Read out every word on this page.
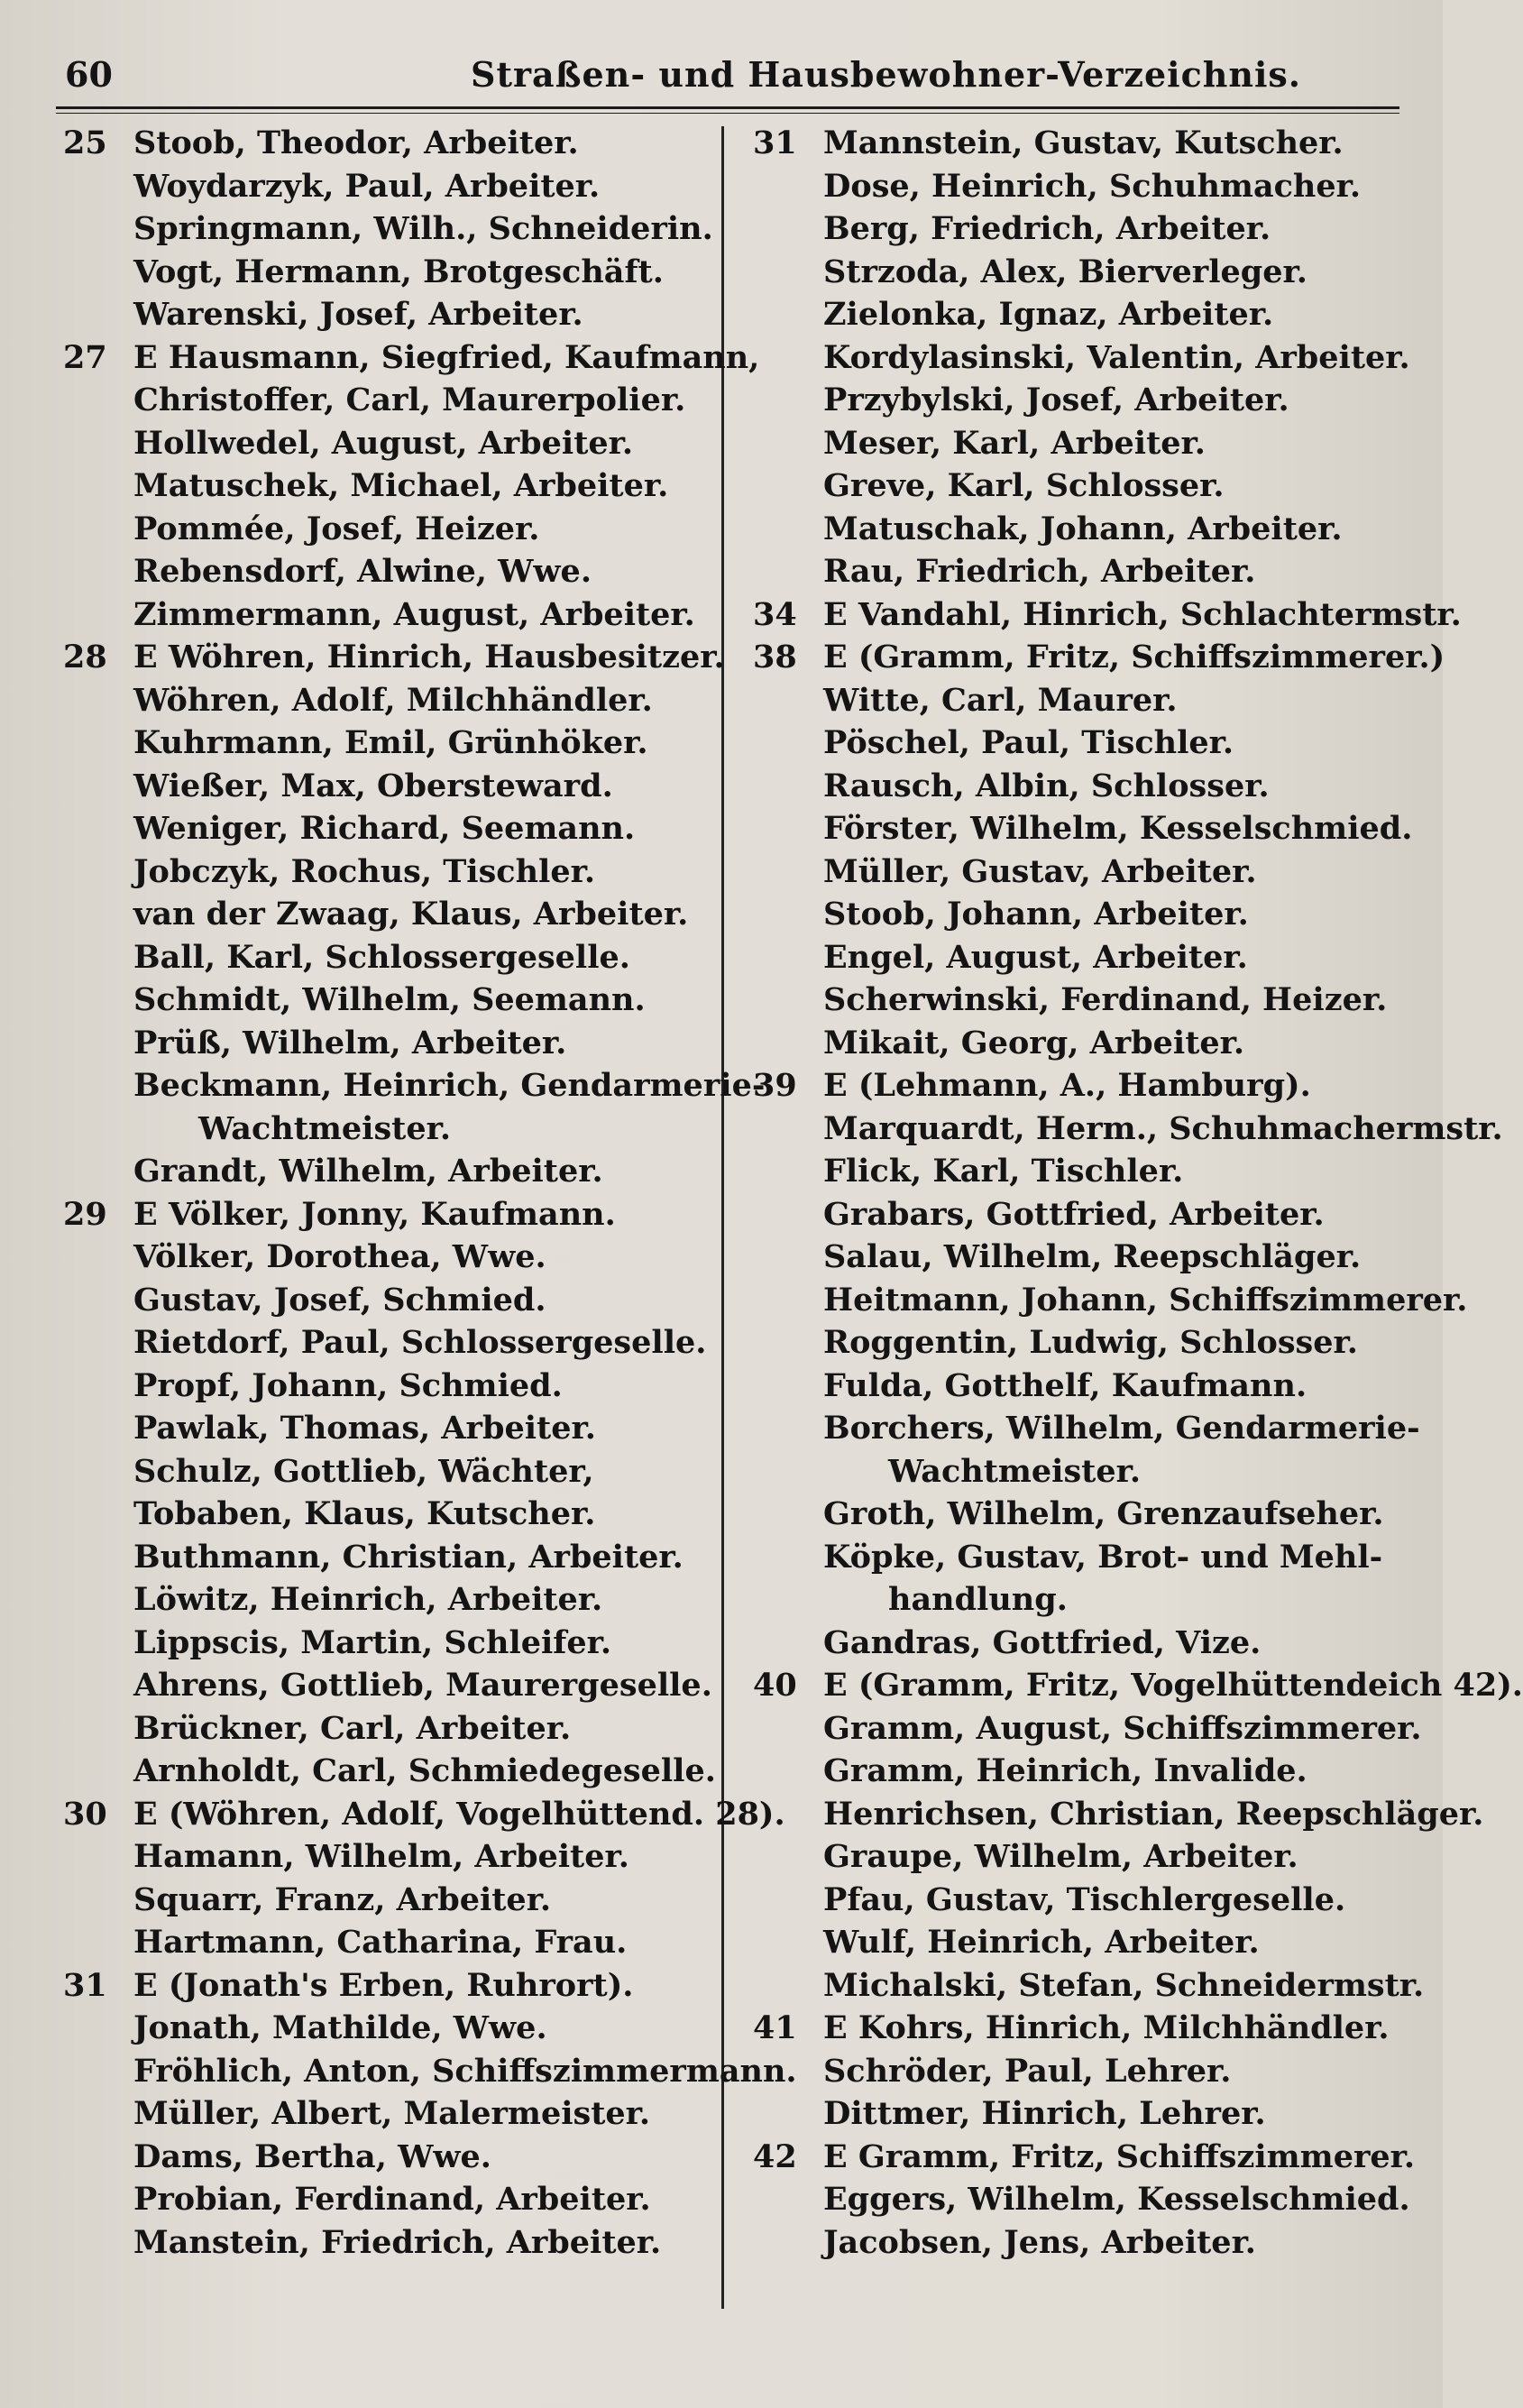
60	Straßen- und Hausbewohner-Verzeichnis.
25 Stoob, Theodor, Arbeiter.
Woydarzyk, Paul, Arbeiter.
Springmann, Wilh., Schneiderin.
Vogt, Hermann, Brotgeschäft.
Warenski, Josef, Arbeiter.
27 E Hausmann, Siegfried, Kaufmann,
Christoffer, Carl, Maurerpolier.
Hollwedel, August, Arbeiter.
Matuschek, Michael, Arbeiter.
Pommée, Josef, Heizer.
Rebensdorf, Alwine, Wwe.
Zimmermann, August, Arbeiter.
28 E Wöhren, Hinrich, Hausbesitzer.
Wöhren, Adolf, Milchhändler.
Kuhrmann, Emil, Grünhöker.
Wießer, Max, Obersteward.
Weniger, Richard, Seemann.
Jobczyk, Rochus, Tischler.
van der Zwaag, Klaus, Arbeiter.
Ball, Karl, Schlossergeselle.
Schmidt, Wilhelm, Seemann.
Prüß, Wilhelm, Arbeiter.
Beckmann, Heinrich, Gendarmerie-
Wachtmeister.
Grandt, Wilhelm, Arbeiter.
29 E Völker, Jonny, Kaufmann.
Völker, Dorothea, Wwe.
Gustav, Josef, Schmied.
Rietdorf, Paul, Schlossergeselle.
Propf, Johann, Schmied.
Pawlak, Thomas, Arbeiter.
Schulz, Gottlieb, Wächter,
Tobaben, Klaus, Kutscher.
Buthmann, Christian, Arbeiter.
Löwitz, Heinrich, Arbeiter.
Lippscis, Martin, Schleifer.
Ahrens, Gottlieb, Maurergeselle.
Brückner, Carl, Arbeiter.
Arnholdt, Carl, Schmiedegeselle.
30 E (Wöhren, Adolf, Vogelhüttend. 28).
Hamann, Wilhelm, Arbeiter.
Squarr, Franz, Arbeiter.
Hartmann, Catharina, Frau.
31 E (Jonath's Erben, Ruhrort).
Jonath, Mathilde, Wwe.
Fröhlich, Anton, Schiffszimmermann.
Müller, Albert, Malermeister.
Dams, Bertha, Wwe.
Probian, Ferdinand, Arbeiter.
Manstein, Friedrich, Arbeiter.
31 Mannstein, Gustav, Kutscher.
Dose, Heinrich, Schuhmacher.
Berg, Friedrich, Arbeiter.
Strzoda, Alex, Bierverleger.
Zielonka, Ignaz, Arbeiter.
Kordylasinski, Valentin, Arbeiter.
Przybylski, Josef, Arbeiter.
Meser, Karl, Arbeiter.
Greve, Karl, Schlosser.
Matuschak, Johann, Arbeiter.
Rau, Friedrich, Arbeiter.
34 E Vandahl, Hinrich, Schlachtermstr.
38 E (Gramm, Fritz, Schiffszimmerer.)
Witte, Carl, Maurer.
Pöschel, Paul, Tischler.
Rausch, Albin, Schlosser.
Förster, Wilhelm, Kesselschmied.
Müller, Gustav, Arbeiter.
Stoob, Johann, Arbeiter.
Engel, August, Arbeiter.
Scherwinski, Ferdinand, Heizer.
Mikait, Georg, Arbeiter.
39 E (Lehmann, A., Hamburg).
Marquardt, Herm., Schuhmachermstr.
Flick, Karl, Tischler.
Grabars, Gottfried, Arbeiter.
Salau, Wilhelm, Reepschläger.
Heitmann, Johann, Schiffszimmerer.
Roggentin, Ludwig, Schlosser.
Fulda, Gotthelf, Kaufmann.
Borchers, Wilhelm, Gendarmerie-
Wachtmeister.
Groth, Wilhelm, Grenzaufseher.
Köpke, Gustav, Brot- und Mehl-
handlung.
Gandras, Gottfried, Vize.
40 E (Gramm, Fritz, Vogelhüttendeich 42).
Gramm, August, Schiffszimmerer.
Gramm, Heinrich, Invalide.
Henrichsen, Christian, Reepschläger.
Graupe, Wilhelm, Arbeiter.
Pfau, Gustav, Tischlergeselle.
Wulf, Heinrich, Arbeiter.
Michalski, Stefan, Schneidermstr.
41 E Kohrs, Hinrich, Milchhändler.
Schröder, Paul, Lehrer.
Dittmer, Hinrich, Lehrer.
42 E Gramm, Fritz, Schiffszimmerer.
Eggers, Wilhelm, Kesselschmied.
Jacobsen, Jens, Arbeiter.
